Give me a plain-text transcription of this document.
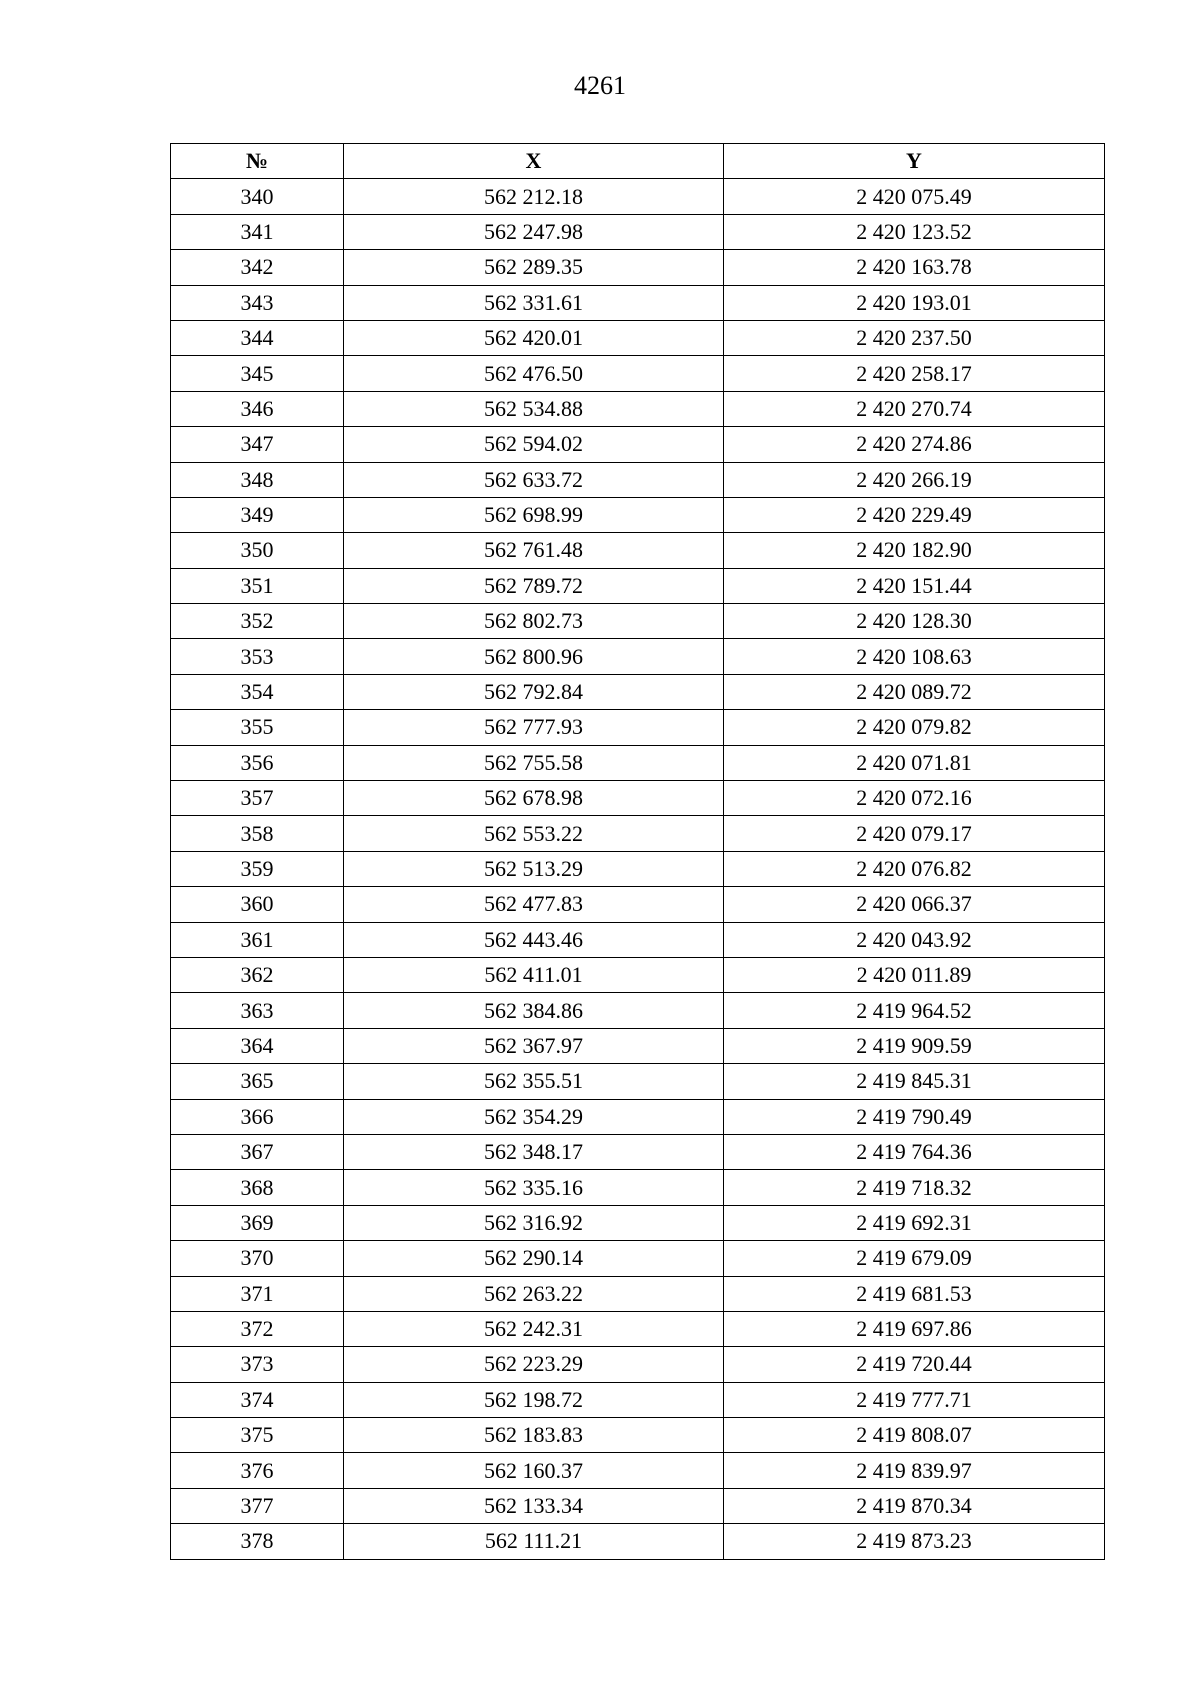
4261
№	X	Y
340	562 212.18	2 420 075.49
341	562 247.98	2 420 123.52
342	562 289.35	2 420 163.78
343	562 331.61	2 420 193.01
344	562 420.01	2 420 237.50
345	562 476.50	2 420 258.17
346	562 534.88	2 420 270.74
347	562 594.02	2 420 274.86
348	562 633.72	2 420 266.19
349	562 698.99	2 420 229.49
350	562 761.48	2 420 182.90
351	562 789.72	2 420 151.44
352	562 802.73	2 420 128.30
353	562 800.96	2 420 108.63
354	562 792.84	2 420 089.72
355	562 777.93	2 420 079.82
356	562 755.58	2 420 071.81
357	562 678.98	2 420 072.16
358	562 553.22	2 420 079.17
359	562 513.29	2 420 076.82
360	562 477.83	2 420 066.37
361	562 443.46	2 420 043.92
362	562 411.01	2 420 011.89
363	562 384.86	2 419 964.52
364	562 367.97	2 419 909.59
365	562 355.51	2 419 845.31
366	562 354.29	2 419 790.49
367	562 348.17	2 419 764.36
368	562 335.16	2 419 718.32
369	562 316.92	2 419 692.31
370	562 290.14	2 419 679.09
371	562 263.22	2 419 681.53
372	562 242.31	2 419 697.86
373	562 223.29	2 419 720.44
374	562 198.72	2 419 777.71
375	562 183.83	2 419 808.07
376	562 160.37	2 419 839.97
377	562 133.34	2 419 870.34
378	562 111.21	2 419 873.23
